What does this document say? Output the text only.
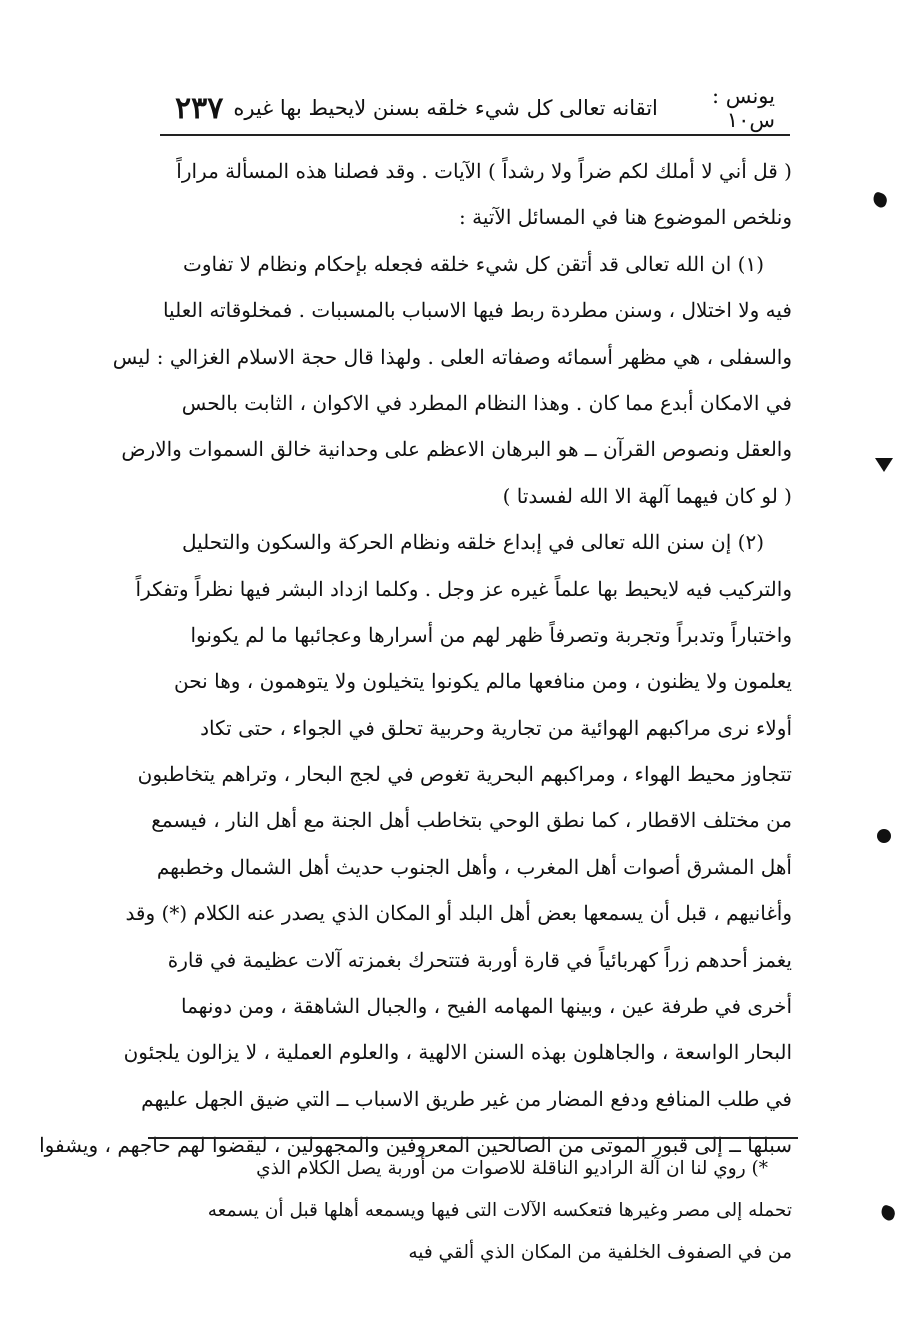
يونس : س١٠
اتقانه تعالى كل شيء خلقه بسنن لايحيط بها غيره
٢٣٧
( قل أني لا أملك لكم ضراً ولا رشداً ) الآيات . وقد فصلنا هذه المسألة مراراً
ونلخص الموضوع هنا في المسائل الآتية :
(١) ان الله تعالى قد أتقن كل شيء خلقه فجعله بإحكام ونظام لا تفاوت
فيه ولا اختلال ، وسنن مطردة ربط فيها الاسباب بالمسببات . فمخلوقاته العليا
والسفلى ، هي مظهر أسمائه وصفاته العلى . ولهذا قال حجة الاسلام الغزالي : ليس
في الامكان أبدع مما كان . وهذا النظام المطرد في الاكوان ، الثابت بالحس
والعقل ونصوص القرآن ــ هو البرهان الاعظم على وحدانية خالق السموات والارض
( لو كان فيهما آلهة الا الله لفسدتا )
(٢) إن سنن الله تعالى في إبداع خلقه ونظام الحركة والسكون والتحليل
والتركيب فيه لايحيط بها علماً غيره عز وجل . وكلما ازداد البشر فيها نظراً وتفكراً
واختباراً وتدبراً وتجربة وتصرفاً ظهر لهم من أسرارها وعجائبها ما لم يكونوا
يعلمون ولا يظنون ، ومن منافعها مالم يكونوا يتخيلون ولا يتوهمون ، وها نحن
أولاء نرى مراكبهم الهوائية من تجارية وحربية تحلق في الجواء ، حتى تكاد
تتجاوز محيط الهواء ، ومراكبهم البحرية تغوص في لجج البحار ، وتراهم يتخاطبون
من مختلف الاقطار ، كما نطق الوحي بتخاطب أهل الجنة مع أهل النار ، فيسمع
أهل المشرق أصوات أهل المغرب ، وأهل الجنوب حديث أهل الشمال وخطبهم
وأغانيهم ، قبل أن يسمعها بعض أهل البلد أو المكان الذي يصدر عنه الكلام (*) وقد
يغمز أحدهم زراً كهربائياً في قارة أوربة فتتحرك بغمزته آلات عظيمة في قارة
أخرى في طرفة عين ، وبينها المهامه الفيح ، والجبال الشاهقة ، ومن دونهما
البحار الواسعة ، والجاهلون بهذه السنن الالهية ، والعلوم العملية ، لا يزالون يلجئون
في طلب المنافع ودفع المضار من غير طريق الاسباب ــ التي ضيق الجهل عليهم
سبلها ــ إلى قبور الموتى من الصالحين المعروفين والمجهولين ، ليقضوا لهم حاجهم ، ويشفوا
*) روي لنا ان آلة الراديو الناقلة للاصوات من أوربة يصل الكلام الذي
تحمله إلى مصر وغيرها فتعكسه الآلات التى فيها ويسمعه أهلها قبل أن يسمعه
من في الصفوف الخلفية من المكان الذي ألقي فيه
